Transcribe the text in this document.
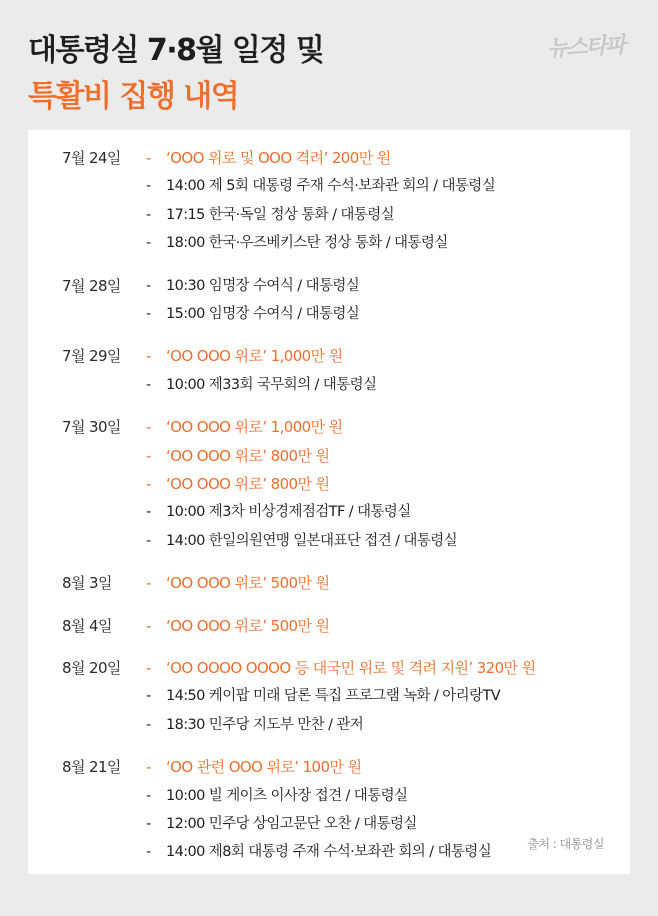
대통령실 7·8월 일정 및
특활비 집행 내역
뉴스타파
7월 24일 - ‘OOO 위로 및 OOO 격려’ 200만 원
- 14:00 제 5회 대통령 주재 수석·보좌관 회의 / 대통령실
- 17:15 한국·독일 정상 통화 / 대통령실
- 18:00 한국·우즈베키스탄 정상 통화 / 대통령실
7월 28일 - 10:30 임명장 수여식 / 대통령실
- 15:00 임명장 수여식 / 대통령실
7월 29일 - ‘OO OOO 위로’ 1,000만 원
- 10:00 제33회 국무회의 / 대통령실
7월 30일 - ‘OO OOO 위로’ 1,000만 원
- ‘OO OOO 위로’ 800만 원
- ‘OO OOO 위로’ 800만 원
- 10:00 제3차 비상경제점검TF / 대통령실
- 14:00 한일의원연맹 일본대표단 접견 / 대통령실
8월 3일 - ‘OO OOO 위로’ 500만 원
8월 4일 - ‘OO OOO 위로’ 500만 원
8월 20일 - ‘OO OOOO OOOO 등 대국민 위로 및 격려 지원’ 320만 원
- 14:50 케이팝 미래 담론 특집 프로그램 녹화 / 아리랑TV
- 18:30 민주당 지도부 만찬 / 관저
8월 21일 - ‘OO 관련 OOO 위로’ 100만 원
- 10:00 빌 게이츠 이사장 접견 / 대통령실
- 12:00 민주당 상임고문단 오찬 / 대통령실
- 14:00 제8회 대통령 주재 수석·보좌관 회의 / 대통령실
출처 : 대통령실
